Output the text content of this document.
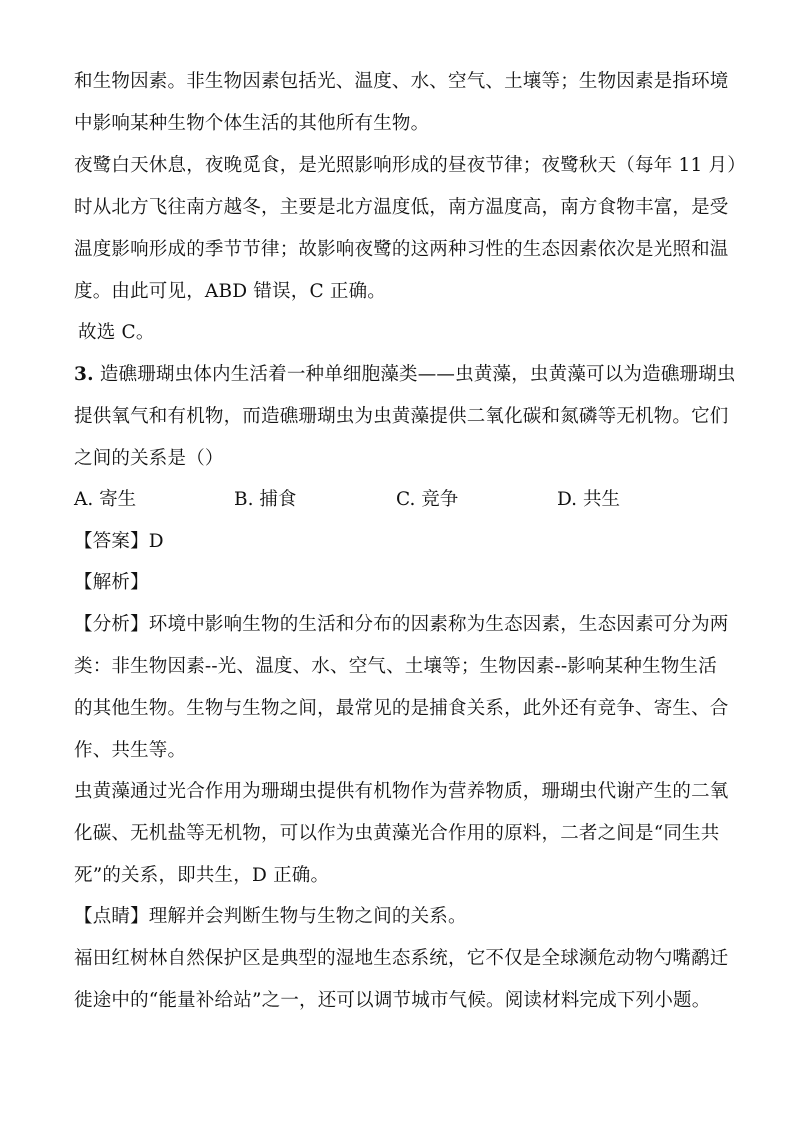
和生物因素。非生物因素包括光、温度、水、空气、土壤等；生物因素是指环境
中影响某种生物个体生活的其他所有生物。
夜鹭白天休息，夜晚觅食，是光照影响形成的昼夜节律；夜鹭秋天（每年 11 月）
时从北方飞往南方越冬，主要是北方温度低，南方温度高，南方食物丰富，是受
温度影响形成的季节节律；故影响夜鹭的这两种习性的生态因素依次是光照和温
度。由此可见，ABD 错误，C 正确。
故选 C。
3. 造礁珊瑚虫体内生活着一种单细胞藻类——虫黄藻，虫黄藻可以为造礁珊瑚虫
提供氧气和有机物，而造礁珊瑚虫为虫黄藻提供二氧化碳和氮磷等无机物。它们
之间的关系是（）
A. 寄生	B. 捕食	C. 竞争	D. 共生
【答案】D
【解析】
【分析】环境中影响生物的生活和分布的因素称为生态因素，生态因素可分为两
类：非生物因素--光、温度、水、空气、土壤等；生物因素--影响某种生物生活
的其他生物。生物与生物之间，最常见的是捕食关系，此外还有竞争、寄生、合
作、共生等。
虫黄藻通过光合作用为珊瑚虫提供有机物作为营养物质，珊瑚虫代谢产生的二氧
化碳、无机盐等无机物，可以作为虫黄藻光合作用的原料，二者之间是“同生共
死”的关系，即共生，D 正确。
【点睛】理解并会判断生物与生物之间的关系。
福田红树林自然保护区是典型的湿地生态系统，它不仅是全球濒危动物勺嘴鹬迁
徙途中的“能量补给站”之一，还可以调节城市气候。阅读材料完成下列小题。
